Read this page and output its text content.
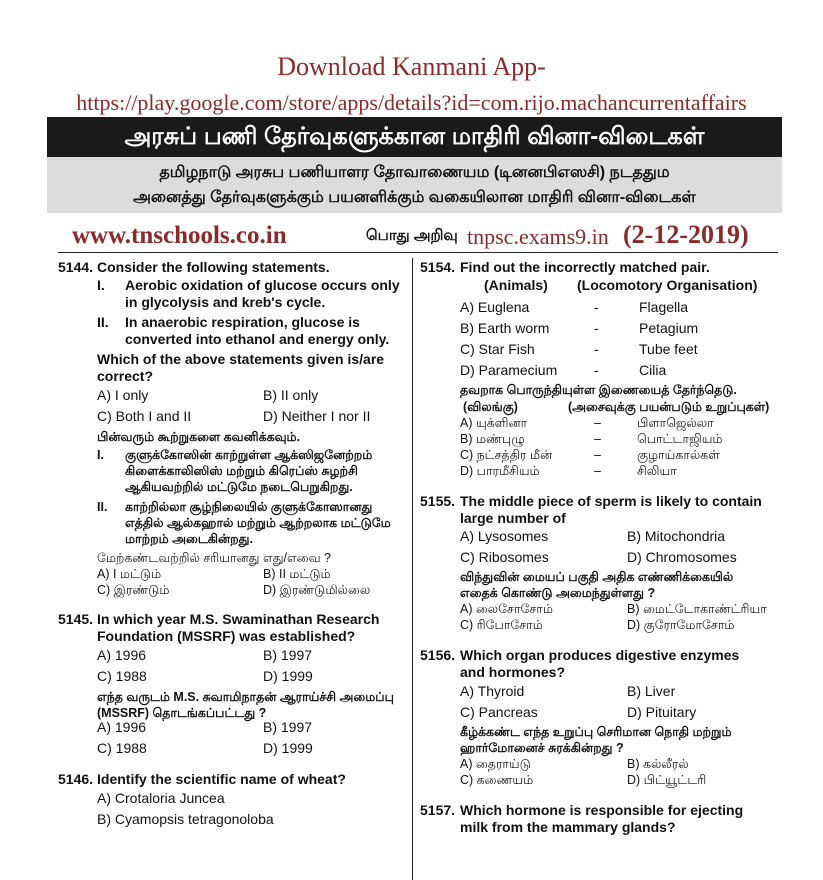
Download Kanmani App-
https://play.google.com/store/apps/details?id=com.rijo.machancurrentaffairs
அரசுப் பணி தேர்வுகளுக்கான மாதிரி வினா-விடைகள்
தமிழநாடு அரசுப பணியாளர தோவாணையம (டினனபிஎஸசி) நடததும
அனைத்து தேர்வுகளுக்கும் பயனளிக்கும் வகையிலான மாதிரி வினா-விடைகள்
www.tnschools.co.in	பொது அறிவு tnpsc.exams9.in (2-12-2019)
5144. Consider the following statements.
I. Aerobic oxidation of glucose occurs only
in glycolysis and kreb's cycle.
II. In anaerobic respiration, glucose is
converted into ethanol and energy only.
Which of the above statements given is/are
correct?
A) I only	B) II only
C) Both I and II	D) Neither I nor II
பின்வரும் கூற்றுகளை கவனிக்கவும்.
I. குளுக்கோஸின் காற்றுள்ள ஆக்ஸிஜனேற்றம்
கிளைக்காலிஸிஸ் மற்றும் கிரெப்ஸ் சுழற்சி
ஆகியவற்றில் மட்டுமே நடைபெறுகிறது.
II. காற்றில்லா சூழ்நிலையில் குளுக்கோஸானது
எத்தில் ஆல்கஹால் மற்றும் ஆற்றலாக மட்டுமே
மாற்றம் அடைகின்றது.
மேற்கண்டவற்றில் சரியானது எது/எவை ?
A) I மட்டும்	B) II மட்டும்
C) இரண்டும்	D) இரண்டுமில்லை
5145. In which year M.S. Swaminathan Research
Foundation (MSSRF) was established?
A) 1996	B) 1997
C) 1988	D) 1999
எந்த வருடம் M.S. சுவாமிநாதன் ஆராய்ச்சி அமைப்பு
(MSSRF) தொடங்கப்பட்டது ?
A) 1996	B) 1997
C) 1988	D) 1999
5146. Identify the scientific name of wheat?
A) Crotaloria Juncea
B) Cyamopsis tetragonoloba
5154. Find out the incorrectly matched pair.
(Animals) (Locomotory Organisation)
A) Euglena	-	Flagella
B) Earth worm	-	Petagium
C) Star Fish	-	Tube feet
D) Paramecium	-	Cilia
தவறாக பொருந்தியுள்ள இணையைத் தேர்ந்தெடு.
(விலங்கு)	(அசைவுக்கு பயன்படும் உறுப்புகள்)
A) யுக்ளினா	–	பிளாஜெல்லா
B) மண்புழு	–	பொட்டாஜியம்
C) நட்சத்திர மீன்	–	குழாய்கால்கள்
D) பாரமீசியம்	–	சிலியா
5155. The middle piece of sperm is likely to contain
large number of
A) Lysosomes	B) Mitochondria
C) Ribosomes	D) Chromosomes
விந்துவின் மையப் பகுதி அதிக எண்ணிக்கையில்
எதைக் கொண்டு அமைந்துள்ளது ?
A) லைசோசோம்	B) மைட்டோகாண்ட்ரியா
C) ரிபோசோம்	D) குரோமோசோம்
5156. Which organ produces digestive enzymes
and hormones?
A) Thyroid	B) Liver
C) Pancreas	D) Pituitary
கீழ்க்கண்ட எந்த உறுப்பு செரிமான நொதி மற்றும்
ஹார்மோனைச் சுரக்கின்றது ?
A) தைராய்டு	B) கல்லீரல்
C) கணையம்	D) பிட்யூட்டரி
5157. Which hormone is responsible for ejecting
milk from the mammary glands?
